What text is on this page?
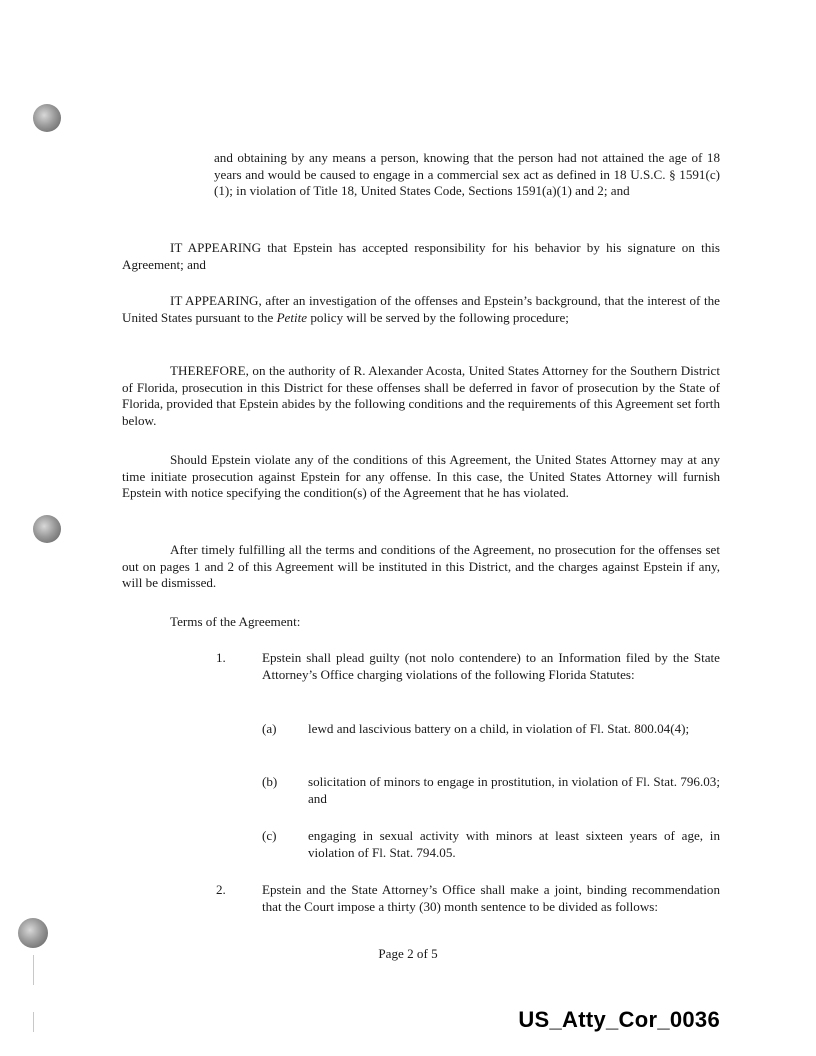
and obtaining by any means a person, knowing that the person had not attained the age of 18 years and would be caused to engage in a commercial sex act as defined in 18 U.S.C. § 1591(c)(1); in violation of Title 18, United States Code, Sections 1591(a)(1) and 2; and
IT APPEARING that Epstein has accepted responsibility for his behavior by his signature on this Agreement; and
IT APPEARING, after an investigation of the offenses and Epstein’s background, that the interest of the United States pursuant to the Petite policy will be served by the following procedure;
THEREFORE, on the authority of R. Alexander Acosta, United States Attorney for the Southern District of Florida, prosecution in this District for these offenses shall be deferred in favor of prosecution by the State of Florida, provided that Epstein abides by the following conditions and the requirements of this Agreement set forth below.
Should Epstein violate any of the conditions of this Agreement, the United States Attorney may at any time initiate prosecution against Epstein for any offense. In this case, the United States Attorney will furnish Epstein with notice specifying the condition(s) of the Agreement that he has violated.
After timely fulfilling all the terms and conditions of the Agreement, no prosecution for the offenses set out on pages 1 and 2 of this Agreement will be instituted in this District, and the charges against Epstein if any, will be dismissed.
Terms of the Agreement:
1.	Epstein shall plead guilty (not nolo contendere) to an Information filed by the State Attorney’s Office charging violations of the following Florida Statutes:
(a) lewd and lascivious battery on a child, in violation of Fl. Stat. 800.04(4);
(b) solicitation of minors to engage in prostitution, in violation of Fl. Stat. 796.03; and
(c) engaging in sexual activity with minors at least sixteen years of age, in violation of Fl. Stat. 794.05.
2.	Epstein and the State Attorney’s Office shall make a joint, binding recommendation that the Court impose a thirty (30) month sentence to be divided as follows:
Page 2 of 5
US_Atty_Cor_0036
